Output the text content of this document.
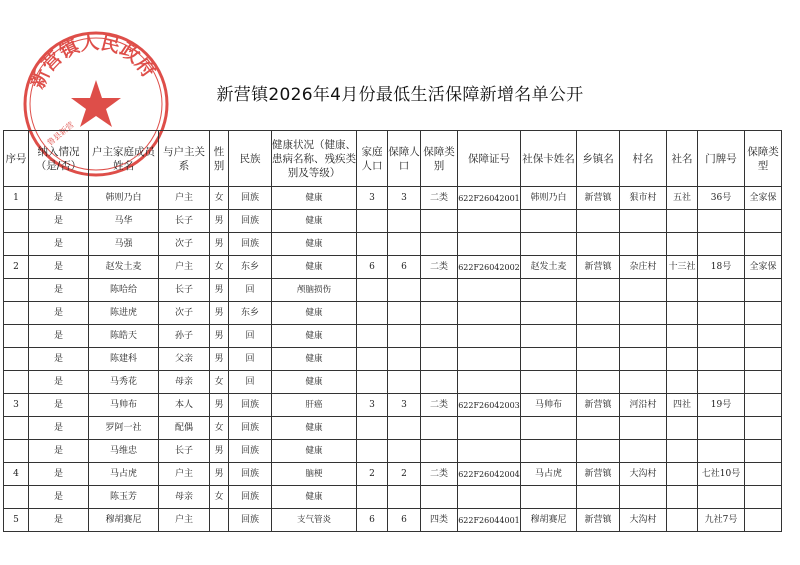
新营镇人民政府
鲁县新营
新营镇2026年4月份最低生活保障新增名单公开
序号	纳入情况（是/否）	户主家庭成员姓名	与户主关系	性别	民族	健康状况（健康、患病名称、残疾类别及等级）	家庭人口	保障人口	保障类别	保障证号	社保卡姓名	乡镇名	村名	社名	门牌号	保障类型
1	是	韩则乃白	户主	女	回族	健康	3	3	二类	622F26042001	韩则乃白	新营镇	狠市村	五社	36号	全家保
	是	马华	长子	男	回族	健康										
	是	马强	次子	男	回族	健康										
2	是	赵发土麦	户主	女	东乡	健康	6	6	二类	622F26042002	赵发土麦	新营镇	杂庄村	十三社	18号	全家保
	是	陈哈给	长子	男	回	颅脑损伤										
	是	陈进虎	次子	男	东乡	健康										
	是	陈皓天	孙子	男	回	健康										
	是	陈建科	父亲	男	回	健康										
	是	马秀花	母亲	女	回	健康										
3	是	马帅布	本人	男	回族	肝癌	3	3	二类	622F26042003	马帅布	新营镇	河沿村	四社	19号	
	是	罗阿一社	配偶	女	回族	健康										
	是	马维忠	长子	男	回族	健康										
4	是	马占虎	户主	男	回族	脑梗	2	2	二类	622F26042004	马占虎	新营镇	大沟村		七社10号	
	是	陈玉芳	母亲	女	回族	健康										
5	是	穆胡赛尼	户主		回族	支气管炎	6	6	四类	622F26044001	穆胡赛尼	新营镇	大沟村		九社7号	
